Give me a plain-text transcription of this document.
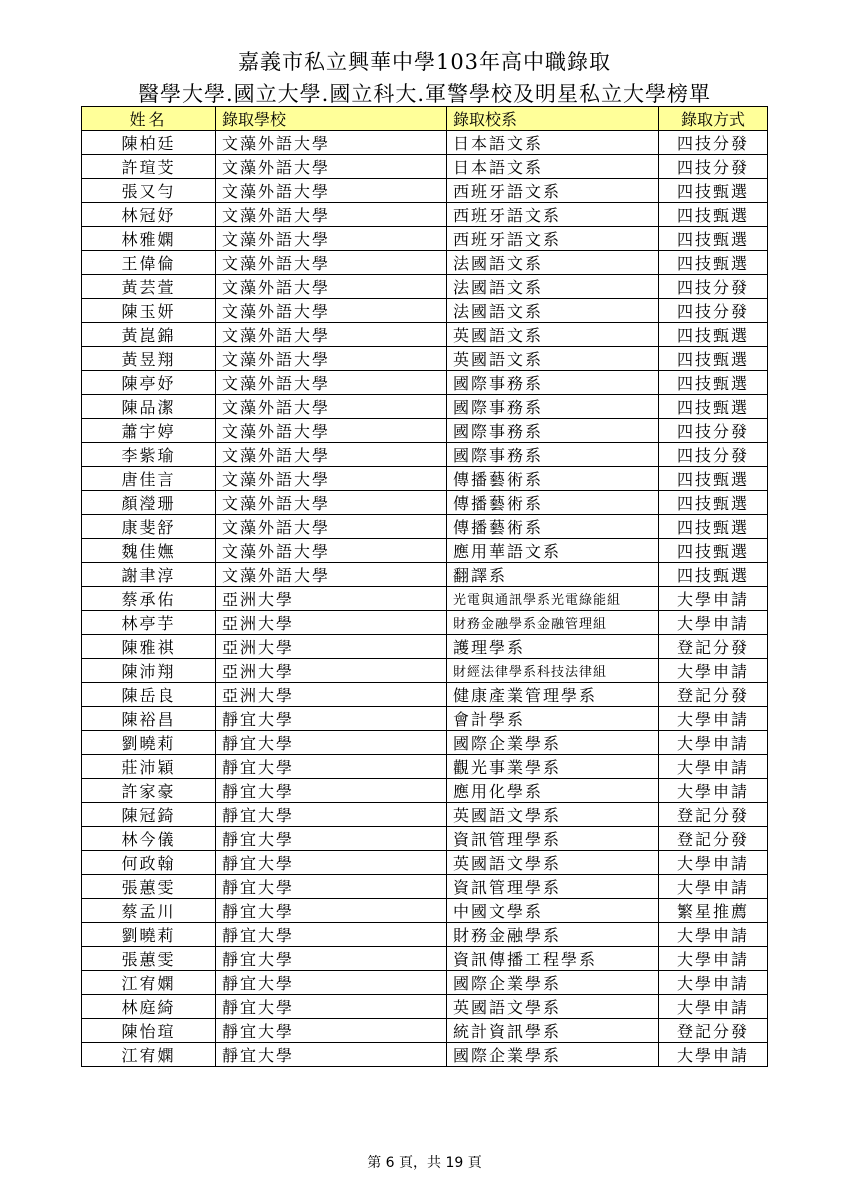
嘉義市私立興華中學103年高中職錄取
醫學大學.國立大學.國立科大.軍警學校及明星私立大學榜單
姓名	錄取學校	錄取校系	錄取方式
陳柏廷	文藻外語大學	日本語文系	四技分發
許瑄芠	文藻外語大學	日本語文系	四技分發
張又勻	文藻外語大學	西班牙語文系	四技甄選
林冠妤	文藻外語大學	西班牙語文系	四技甄選
林雅嫻	文藻外語大學	西班牙語文系	四技甄選
王偉倫	文藻外語大學	法國語文系	四技甄選
黃芸萱	文藻外語大學	法國語文系	四技分發
陳玉妍	文藻外語大學	法國語文系	四技分發
黃崑錦	文藻外語大學	英國語文系	四技甄選
黃昱翔	文藻外語大學	英國語文系	四技甄選
陳亭妤	文藻外語大學	國際事務系	四技甄選
陳品潔	文藻外語大學	國際事務系	四技甄選
蕭宇婷	文藻外語大學	國際事務系	四技分發
李紫瑜	文藻外語大學	國際事務系	四技分發
唐佳言	文藻外語大學	傳播藝術系	四技甄選
顏瀅珊	文藻外語大學	傳播藝術系	四技甄選
康斐舒	文藻外語大學	傳播藝術系	四技甄選
魏佳嫵	文藻外語大學	應用華語文系	四技甄選
謝聿淳	文藻外語大學	翻譯系	四技甄選
蔡承佑	亞洲大學	光電與通訊學系光電綠能組	大學申請
林亭芋	亞洲大學	財務金融學系金融管理組	大學申請
陳雅祺	亞洲大學	護理學系	登記分發
陳沛翔	亞洲大學	財經法律學系科技法律組	大學申請
陳岳良	亞洲大學	健康產業管理學系	登記分發
陳裕昌	靜宜大學	會計學系	大學申請
劉曉莉	靜宜大學	國際企業學系	大學申請
莊沛穎	靜宜大學	觀光事業學系	大學申請
許家豪	靜宜大學	應用化學系	大學申請
陳冠錡	靜宜大學	英國語文學系	登記分發
林今儀	靜宜大學	資訊管理學系	登記分發
何政翰	靜宜大學	英國語文學系	大學申請
張蕙雯	靜宜大學	資訊管理學系	大學申請
蔡孟川	靜宜大學	中國文學系	繁星推薦
劉曉莉	靜宜大學	財務金融學系	大學申請
張蕙雯	靜宜大學	資訊傳播工程學系	大學申請
江宥嫻	靜宜大學	國際企業學系	大學申請
林庭綺	靜宜大學	英國語文學系	大學申請
陳怡瑄	靜宜大學	統計資訊學系	登記分發
江宥嫻	靜宜大學	國際企業學系	大學申請
第 6 頁，共 19 頁
